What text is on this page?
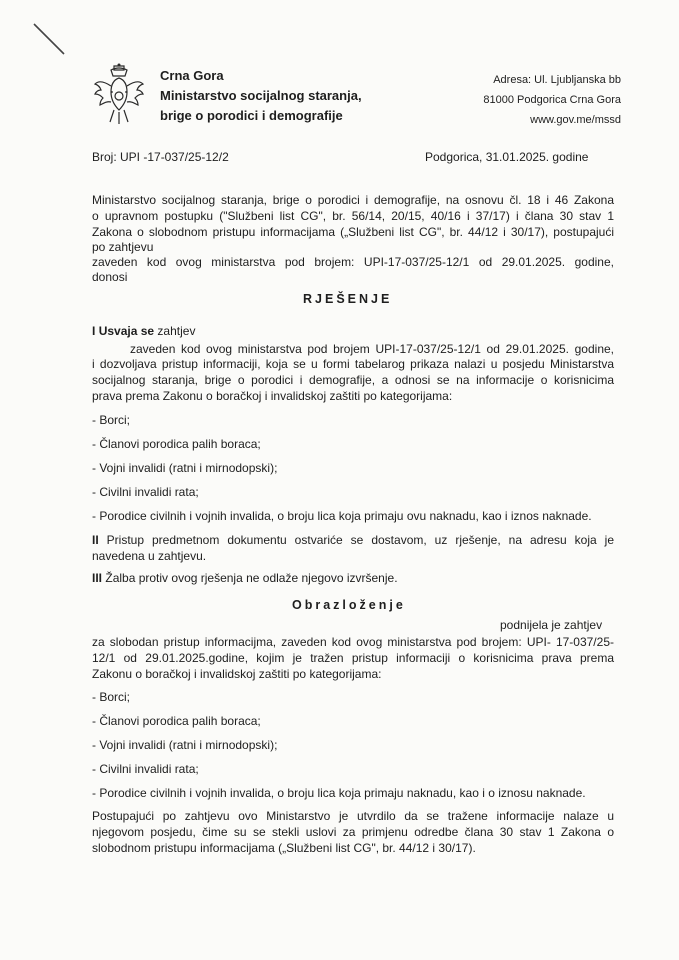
Crna Gora
Ministarstvo socijalnog staranja,
brige o porodici i demografije
Adresa: Ul. Ljubljanska bb
81000 Podgorica Crna Gora
www.gov.me/mssd
Broj: UPI -17-037/25-12/2	Podgorica, 31.01.2025. godine
Ministarstvo socijalnog staranja, brige o porodici i demografije, na osnovu čl. 18 i 46 Zakona
o upravnom postupku ("Službeni list CG", br. 56/14, 20/15, 40/16 i 37/17) i člana 30 stav 1
Zakona o slobodnom pristupu informacijama („Službeni list CG", br. 44/12 i 30/17), postupajući
po zahtjevu
zaveden kod ovog ministarstva pod brojem: UPI-17-037/25-12/1 od 29.01.2025. godine,
donosi
RJEŠENJE
I Usvaja se zahtjev
zaveden kod ovog ministarstva pod brojem UPI-17-037/25-12/1 od 29.01.2025. godine,
i dozvoljava pristup informaciji, koja se u formi tabelarog prikaza nalazi u posjedu Ministarstva
socijalnog staranja, brige o porodici i demografije, a odnosi se na informacije o korisnicima
prava prema Zakonu o boračkoj i invalidskoj zaštiti po kategorijama:
- Borci;
- Članovi porodica palih boraca;
- Vojni invalidi (ratni i mirnodopski);
- Civilni invalidi rata;
- Porodice civilnih i vojnih invalida, o broju lica koja primaju ovu naknadu, kao i iznos naknade.
II Pristup predmetnom dokumentu ostvariće se dostavom, uz rješenje, na adresu koja je
navedena u zahtjevu.
III Žalba protiv ovog rješenja ne odlaže njegovo izvršenje.
Obrazloženje
podnijela je zahtjev
za slobodan pristup informacijma, zaveden kod ovog ministarstva pod brojem: UPI- 17-037/25-
12/1 od 29.01.2025.godine, kojim je tražen pristup informaciji o korisnicima prava prema
Zakonu o boračkoj i invalidskoj zaštiti po kategorijama:
- Borci;
- Članovi porodica palih boraca;
- Vojni invalidi (ratni i mirnodopski);
- Civilni invalidi rata;
- Porodice civilnih i vojnih invalida, o broju lica koja primaju naknadu, kao i o iznosu naknade.
Postupajući po zahtjevu ovo Ministarstvo je utvrdilo da se tražene informacije nalaze u
njegovom posjedu, čime su se stekli uslovi za primjenu odredbe člana 30 stav 1 Zakona o
slobodnom pristupu informacijama („Službeni list CG", br. 44/12 i 30/17).
